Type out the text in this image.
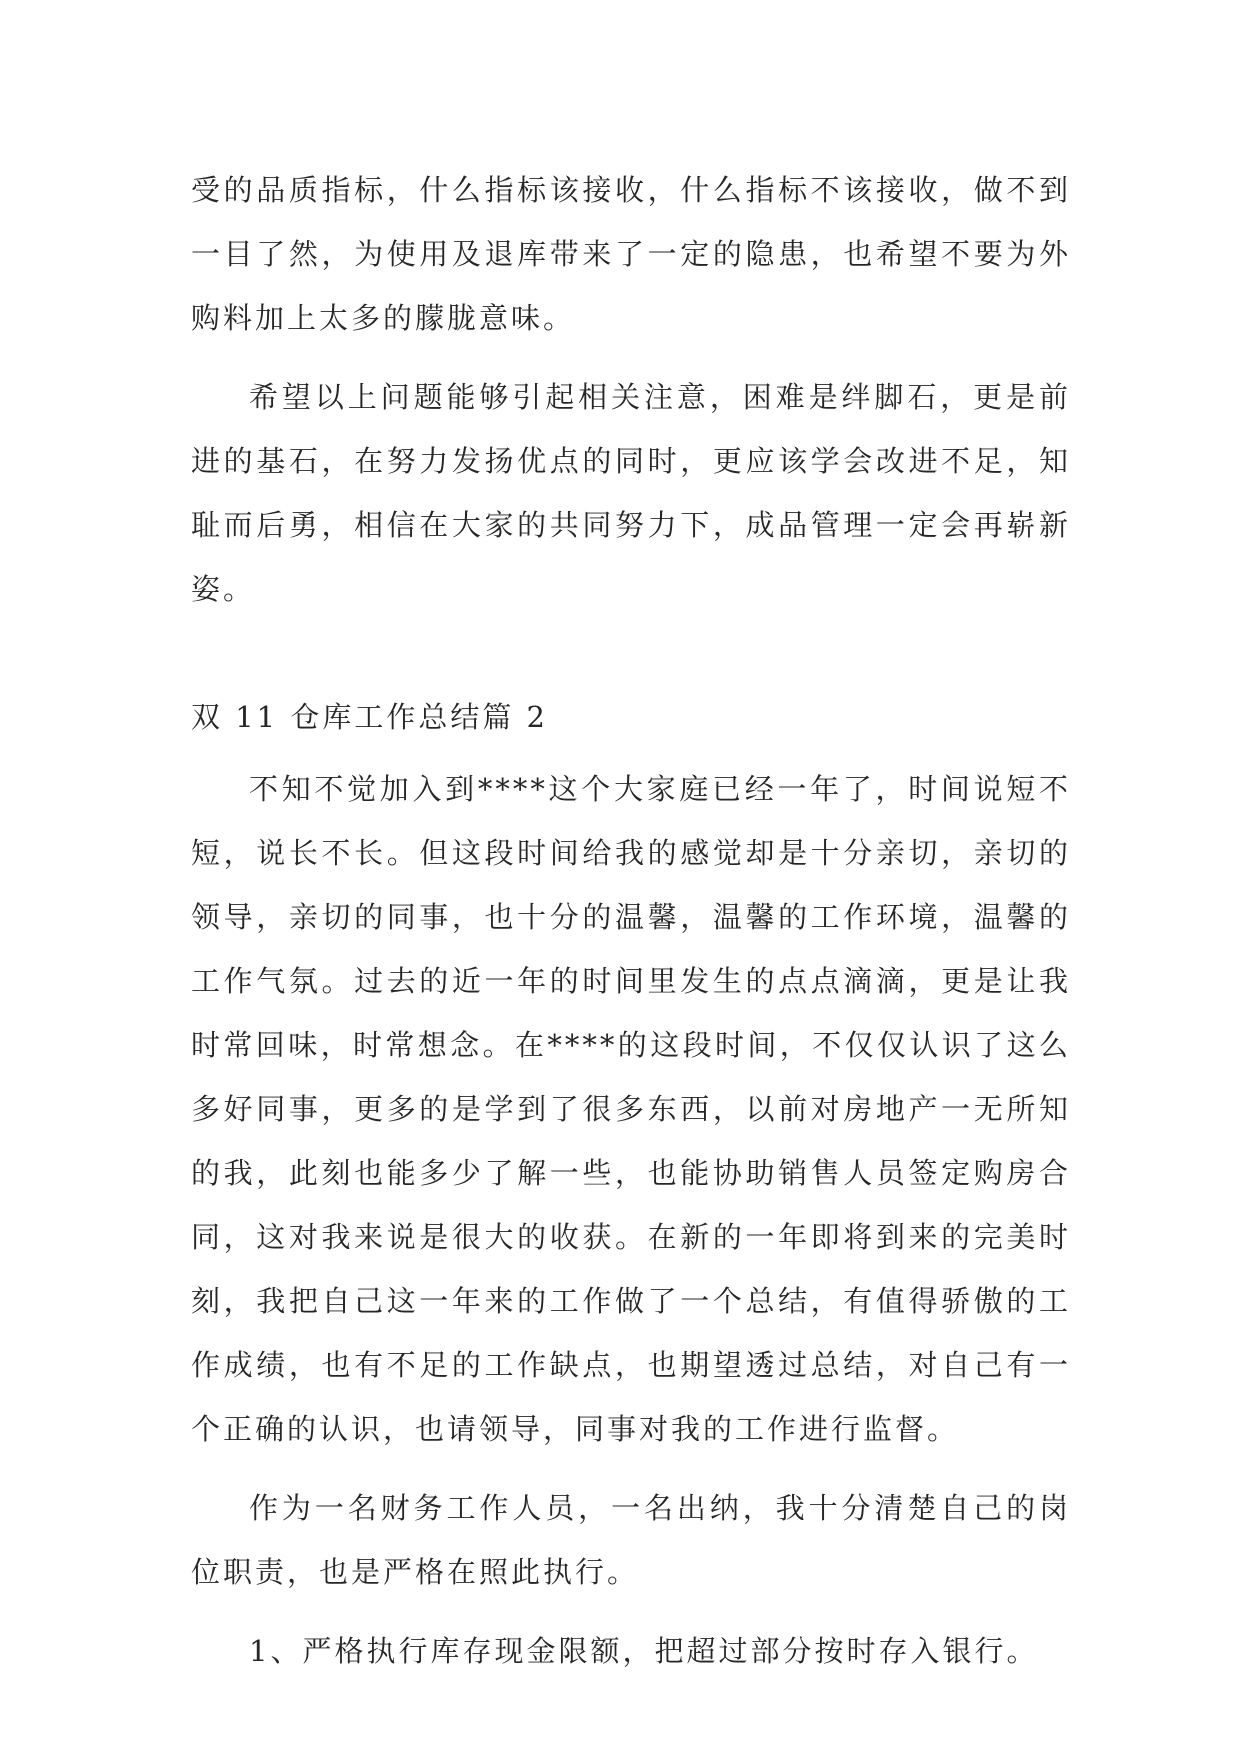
受的品质指标，什么指标该接收，什么指标不该接收，做不到一目了然，为使用及退库带来了一定的隐患，也希望不要为外购料加上太多的朦胧意味。

希望以上问题能够引起相关注意，困难是绊脚石，更是前进的基石，在努力发扬优点的同时，更应该学会改进不足，知耻而后勇，相信在大家的共同努力下，成品管理一定会再崭新姿。

双 11 仓库工作总结篇 2

不知不觉加入到****这个大家庭已经一年了，时间说短不短，说长不长。但这段时间给我的感觉却是十分亲切，亲切的领导，亲切的同事，也十分的温馨，温馨的工作环境，温馨的工作气氛。过去的近一年的时间里发生的点点滴滴，更是让我时常回味，时常想念。在****的这段时间，不仅仅认识了这么多好同事，更多的是学到了很多东西，以前对房地产一无所知的我，此刻也能多少了解一些，也能协助销售人员签定购房合同，这对我来说是很大的收获。在新的一年即将到来的完美时刻，我把自己这一年来的工作做了一个总结，有值得骄傲的工作成绩，也有不足的工作缺点，也期望透过总结，对自己有一个正确的认识，也请领导，同事对我的工作进行监督。

作为一名财务工作人员，一名出纳，我十分清楚自己的岗位职责，也是严格在照此执行。

1、严格执行库存现金限额，把超过部分按时存入银行。
